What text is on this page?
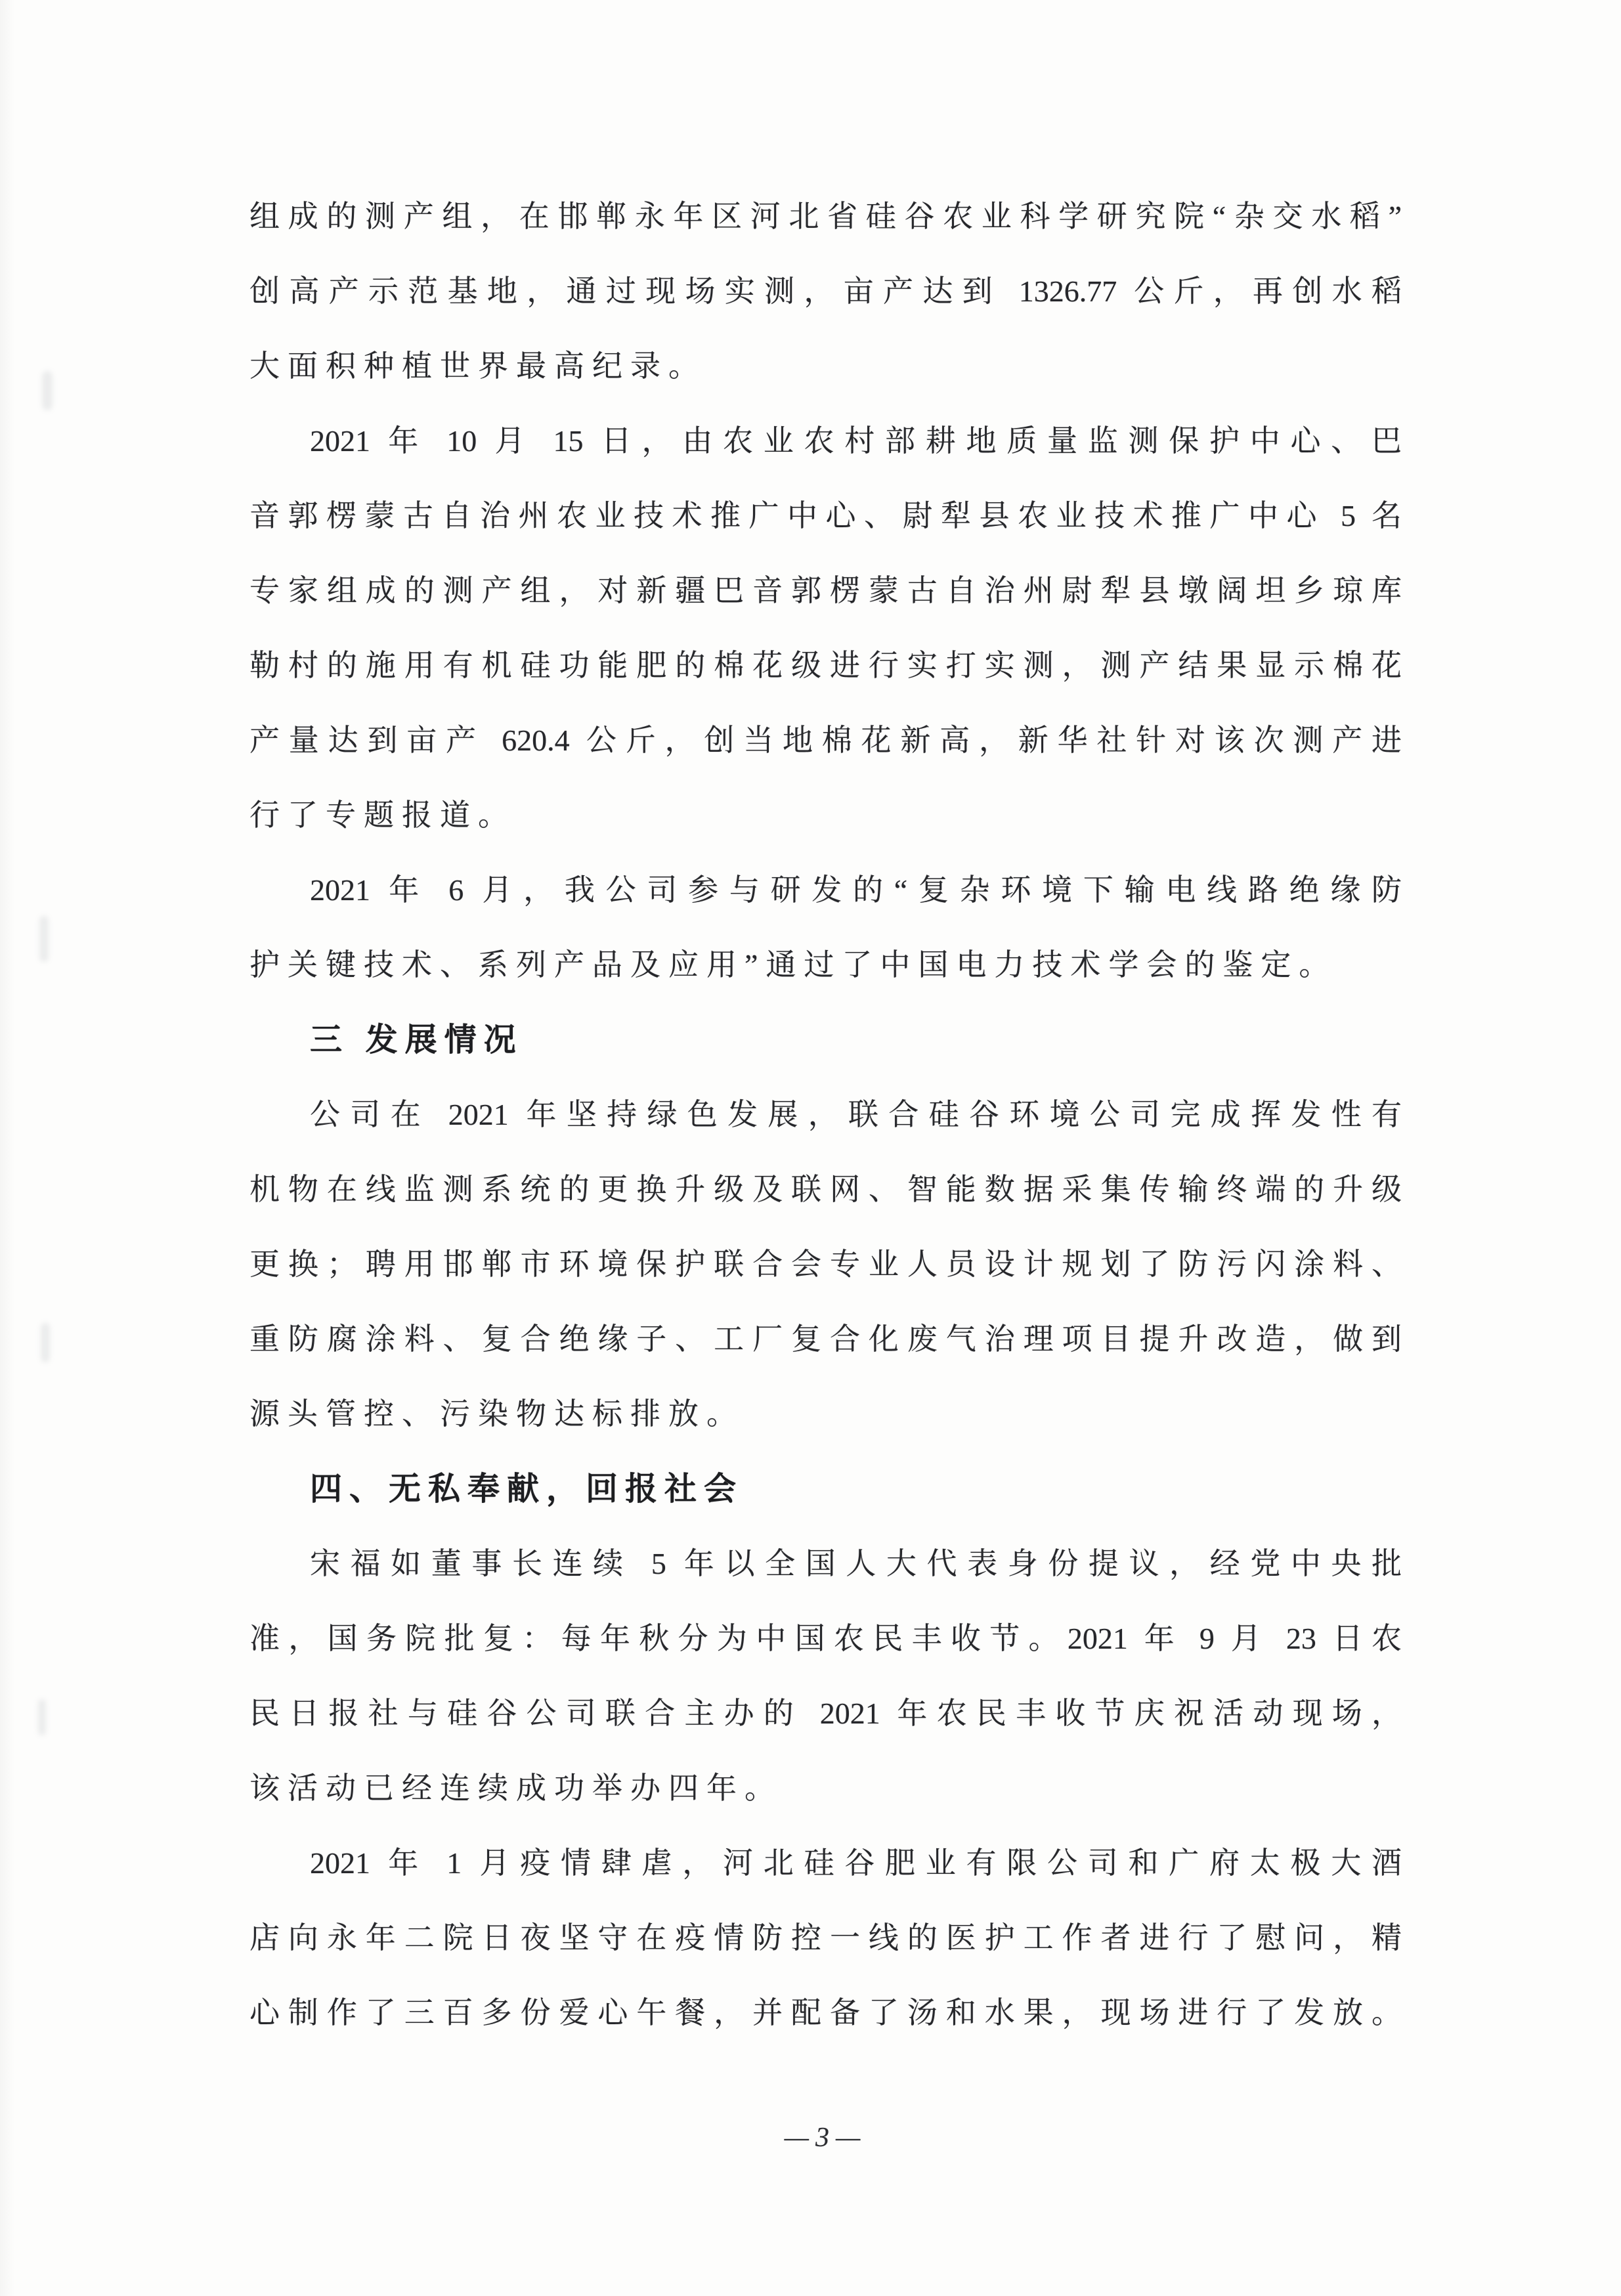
组成的测产组，在邯郸永年区河北省硅谷农业科学研究院“杂交水稻”
创高产示范基地，通过现场实测，亩产达到 1326.77 公斤，再创水稻
大面积种植世界最高纪录。
2021 年 10 月 15 日，由农业农村部耕地质量监测保护中心、巴
音郭楞蒙古自治州农业技术推广中心、尉犁县农业技术推广中心 5 名
专家组成的测产组，对新疆巴音郭楞蒙古自治州尉犁县墩阔坦乡琼库
勒村的施用有机硅功能肥的棉花级进行实打实测，测产结果显示棉花
产量达到亩产 620.4 公斤，创当地棉花新高，新华社针对该次测产进
行了专题报道。
2021 年 6 月，我公司参与研发的“复杂环境下输电线路绝缘防
护关键技术、系列产品及应用”通过了中国电力技术学会的鉴定。
三 发展情况
公司在 2021 年坚持绿色发展，联合硅谷环境公司完成挥发性有
机物在线监测系统的更换升级及联网、智能数据采集传输终端的升级
更换；聘用邯郸市环境保护联合会专业人员设计规划了防污闪涂料、
重防腐涂料、复合绝缘子、工厂复合化废气治理项目提升改造，做到
源头管控、污染物达标排放。
四、无私奉献，回报社会
宋福如董事长连续 5 年以全国人大代表身份提议，经党中央批
准，国务院批复：每年秋分为中国农民丰收节。2021 年 9 月 23 日农
民日报社与硅谷公司联合主办的 2021 年农民丰收节庆祝活动现场，
该活动已经连续成功举办四年。
2021 年 1 月疫情肆虐，河北硅谷肥业有限公司和广府太极大酒
店向永年二院日夜坚守在疫情防控一线的医护工作者进行了慰问，精
心制作了三百多份爱心午餐，并配备了汤和水果，现场进行了发放。
—3—
